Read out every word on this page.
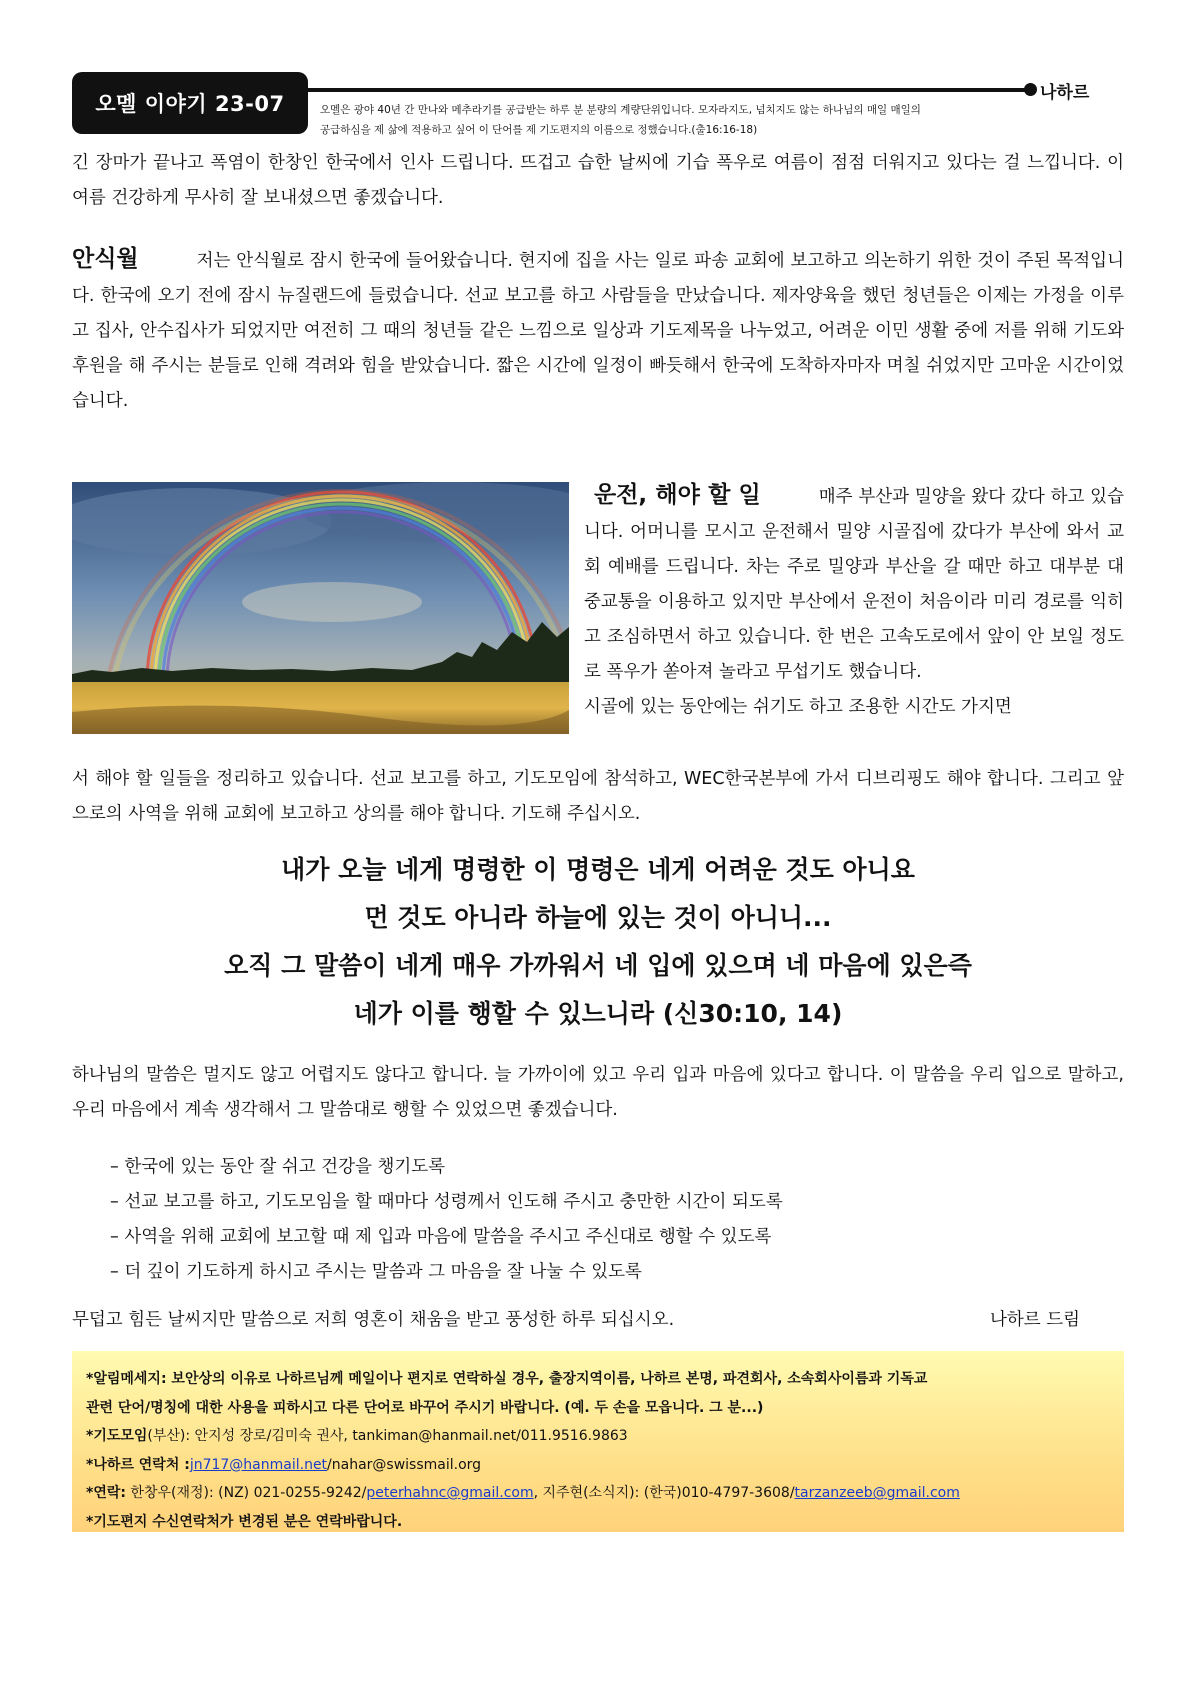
오멜 이야기 23-07	나하르
오멜은 광야 40년 간 만나와 메추라기를 공급받는 하루 분 분량의 계량단위입니다. 모자라지도, 넘치지도 않는 하나님의 매일 매일의
공급하심을 제 삶에 적용하고 싶어 이 단어를 제 기도편지의 이름으로 정했습니다.(출16:16-18)
긴 장마가 끝나고 폭염이 한창인 한국에서 인사 드립니다. 뜨겁고 습한 날씨에 기습 폭우로 여름이 점점 더워지고 있다는 걸 느낍니다. 이 여름 건강하게 무사히 잘 보내셨으면 좋겠습니다.
안식월	저는 안식월로 잠시 한국에 들어왔습니다. 현지에 집을 사는 일로 파송 교회에 보고하고 의논하기 위한 것이 주된 목적입니다. 한국에 오기 전에 잠시 뉴질랜드에 들렀습니다. 선교 보고를 하고 사람들을 만났습니다. 제자양육을 했던 청년들은 이제는 가정을 이루고 집사, 안수집사가 되었지만 여전히 그 때의 청년들 같은 느낌으로 일상과 기도제목을 나누었고, 어려운 이민 생활 중에 저를 위해 기도와 후원을 해 주시는 분들로 인해 격려와 힘을 받았습니다. 짧은 시간에 일정이 빠듯해서 한국에 도착하자마자 며칠 쉬었지만 고마운 시간이었습니다.
운전, 해야 할 일	매주 부산과 밀양을 왔다 갔다 하고 있습니다. 어머니를 모시고 운전해서 밀양 시골집에 갔다가 부산에 와서 교회 예배를 드립니다. 차는 주로 밀양과 부산을 갈 때만 하고 대부분 대중교통을 이용하고 있지만 부산에서 운전이 처음이라 미리 경로를 익히고 조심하면서 하고 있습니다. 한 번은 고속도로에서 앞이 안 보일 정도로 폭우가 쏟아져 놀라고 무섭기도 했습니다.
시골에 있는 동안에는 쉬기도 하고 조용한 시간도 가지면
서 해야 할 일들을 정리하고 있습니다. 선교 보고를 하고, 기도모임에 참석하고, WEC한국본부에 가서 디브리핑도 해야 합니다. 그리고 앞으로의 사역을 위해 교회에 보고하고 상의를 해야 합니다. 기도해 주십시오.
내가 오늘 네게 명령한 이 명령은 네게 어려운 것도 아니요
먼 것도 아니라 하늘에 있는 것이 아니니...
오직 그 말씀이 네게 매우 가까워서 네 입에 있으며 네 마음에 있은즉
네가 이를 행할 수 있느니라 (신30:10, 14)
하나님의 말씀은 멀지도 않고 어렵지도 않다고 합니다. 늘 가까이에 있고 우리 입과 마음에 있다고 합니다. 이 말씀을 우리 입으로 말하고, 우리 마음에서 계속 생각해서 그 말씀대로 행할 수 있었으면 좋겠습니다.
– 한국에 있는 동안 잘 쉬고 건강을 챙기도록
– 선교 보고를 하고, 기도모임을 할 때마다 성령께서 인도해 주시고 충만한 시간이 되도록
– 사역을 위해 교회에 보고할 때 제 입과 마음에 말씀을 주시고 주신대로 행할 수 있도록
– 더 깊이 기도하게 하시고 주시는 말씀과 그 마음을 잘 나눌 수 있도록
무덥고 힘든 날씨지만 말씀으로 저희 영혼이 채움을 받고 풍성한 하루 되십시오.	나하르 드림
*알림메세지: 보안상의 이유로 나하르님께 메일이나 편지로 연락하실 경우, 출장지역이름, 나하르 본명, 파견회사, 소속회사이름과 기독교
관련 단어/명칭에 대한 사용을 피하시고 다른 단어로 바꾸어 주시기 바랍니다. (예. 두 손을 모읍니다. 그 분...)
*기도모임(부산): 안지성 장로/김미숙 권사, tankiman@hanmail.net/011.9516.9863
*나하르 연락처 :jn717@hanmail.net/nahar@swissmail.org
*연락: 한창우(재정): (NZ) 021-0255-9242/peterhahnc@gmail.com, 지주현(소식지): (한국)010-4797-3608/tarzanzeeb@gmail.com
*기도편지 수신연락처가 변경된 분은 연락바랍니다.
